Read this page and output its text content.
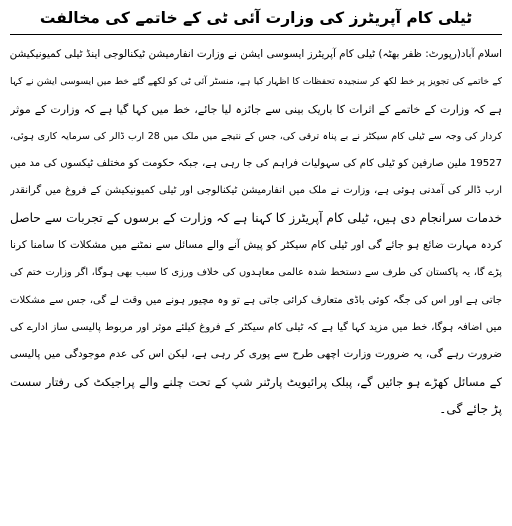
ٹیلی کام آپریٹرز کی وزارت آئی ٹی کے خاتمے کی مخالفت
اسلام آباد(رپورٹ: ظفر بھٹہ) ٹیلی کام آپریٹرز ایسوسی ایشن نے وزارت انفارمیشن ٹیکنالوجی اینڈ ٹیلی کمیونیکیشن
کے خاتمے کی تجویز پر خط لکھ کر سنجیدہ تحفظات کا اظہار کیا ہے، منسٹر آئی ٹی کو لکھے گئے خط میں ایسوسی ایشن نے کہا
ہے کہ وزارت کے خاتمے کے اثرات کا باریک بینی سے جائزہ لیا جائے، خط میں کہا گیا ہے کہ وزارت کے موثر
کردار کی وجہ سے ٹیلی کام سیکٹر نے بے پناہ ترقی کی، جس کے نتیجے میں ملک میں 28 ارب ڈالر کی سرمایہ کاری ہوئی،
19527 ملین صارفین کو ٹیلی کام کی سہولیات فراہم کی جا رہی ہے، جبکہ حکومت کو مختلف ٹیکسوں کی مد میں
ارب ڈالر کی آمدنی ہوئی ہے، وزارت نے ملک میں انفارمیشن ٹیکنالوجی اور ٹیلی کمیونیکیشن کے فروغ میں گرانقدر
خدمات سرانجام دی ہیں، ٹیلی کام آپریٹرز کا کہنا ہے کہ وزارت کے برسوں کے تجربات سے حاصل
کردہ مہارت ضائع ہو جائے گی اور ٹیلی کام سیکٹر کو پیش آنے والے مسائل سے نمٹنے میں مشکلات کا سامنا کرنا
پڑے گا، یہ پاکستان کی طرف سے دستخط شدہ عالمی معاہدوں کی خلاف ورزی کا سبب بھی ہوگا، اگر وزارت ختم کی
جاتی ہے اور اس کی جگہ کوئی باڈی متعارف کرائی جاتی ہے تو وہ مچیور ہونے میں وقت لے گی، جس سے مشکلات
میں اضافہ ہوگا، خط میں مزید کہا گیا ہے کہ ٹیلی کام سیکٹر کے فروغ کیلئے موثر اور مربوط پالیسی ساز ادارے کی
ضرورت رہے گی، یہ ضرورت وزارت اچھی طرح سے پوری کر رہی ہے، لیکن اس کی عدم موجودگی میں پالیسی
کے مسائل کھڑے ہو جائیں گے، پبلک پرائیویٹ پارٹنر شپ کے تحت چلنے والے پراجیکٹ کی رفتار سست
پڑ جائے گی۔
